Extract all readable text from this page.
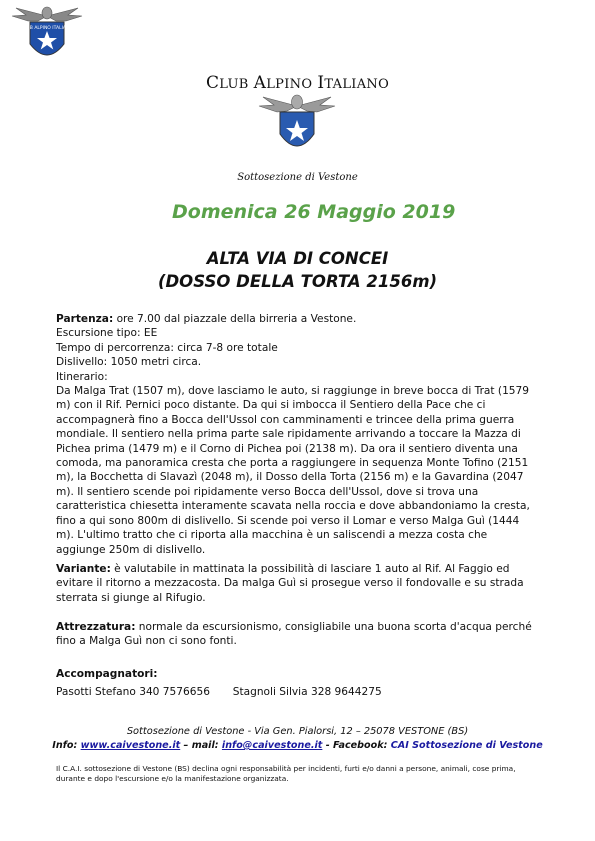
CLUB ALPINO ITALIANO
CLUB ALPINO ITALIANO
Sottosezione di Vestone
Domenica 26 Maggio 2019
ALTA VIA DI CONCEI
(DOSSO DELLA TORTA 2156m)
Partenza: ore 7.00 dal piazzale della birreria a Vestone.
Escursione tipo: EE
Tempo di percorrenza: circa 7-8 ore totale
Dislivello: 1050 metri circa.
Itinerario:
Da Malga Trat (1507 m), dove lasciamo le auto, si raggiunge in breve bocca di Trat (1579 m) con il Rif. Pernici poco distante. Da qui si imbocca il Sentiero della Pace che ci accompagnerà fino a Bocca dell'Ussol con camminamenti e trincee della prima guerra mondiale. Il sentiero nella prima parte sale ripidamente arrivando a toccare la Mazza di Pichea prima (1479 m) e il Corno di Pichea poi (2138 m). Da ora il sentiero diventa una comoda, ma panoramica cresta che porta a raggiungere in sequenza Monte Tofino (2151 m), la Bocchetta di Slavazì (2048 m), il Dosso della Torta (2156 m) e la Gavardina (2047 m). Il sentiero scende poi ripidamente verso Bocca dell'Ussol, dove si trova una caratteristica chiesetta interamente scavata nella roccia e dove abbandoniamo la cresta, fino a qui sono 800m di dislivello. Si scende poi verso il Lomar e verso Malga Guì (1444 m). L'ultimo tratto che ci riporta alla macchina è un saliscendi a mezza costa che aggiunge 250m di dislivello.
Variante: è valutabile in mattinata la possibilità di lasciare 1 auto al Rif. Al Faggio ed evitare il ritorno a mezzacosta. Da malga Guì si prosegue verso il fondovalle e su strada sterrata si giunge al Rifugio.
Attrezzatura: normale da escursionismo, consigliabile una buona scorta d'acqua perché fino a Malga Guì non ci sono fonti.
Accompagnatori:
Pasotti Stefano 340 7576656 Stagnoli Silvia 328 9644275
Sottosezione di Vestone - Via Gen. Pialorsi, 12 – 25078 VESTONE (BS)
Info: www.caivestone.it – mail: info@caivestone.it - Facebook: CAI Sottosezione di Vestone
Il C.A.I. sottosezione di Vestone (BS) declina ogni responsabilità per incidenti, furti e/o danni a persone, animali, cose prima, durante e dopo l'escursione e/o la manifestazione organizzata.
